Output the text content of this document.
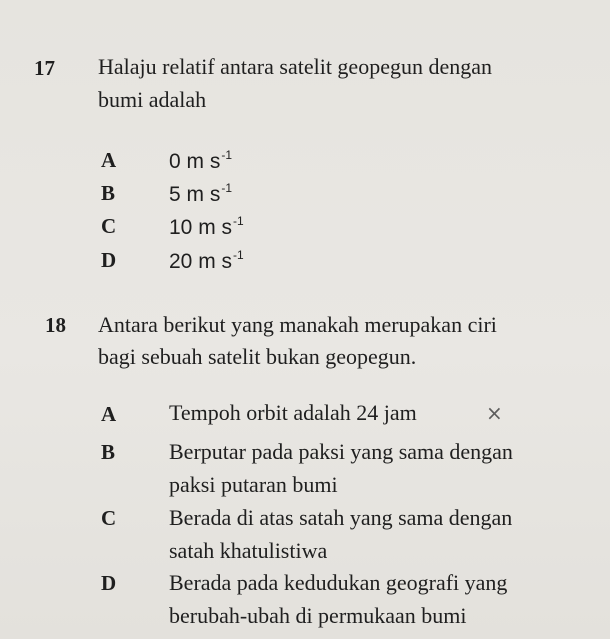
17 Halaju relatif antara satelit geopegun dengan
bumi adalah
A	0 m $s^{-1}$
B	5 m $s^{-1}$
C	10 m $s^{-1}$
D	20 m $s^{-1}$
18 Antara berikut yang manakah merupakan ciri
bagi sebuah satelit bukan geopegun.
A Tempoh orbit adalah 24 jam
B Berputar pada paksi yang sama dengan
paksi putaran bumi
C Berada di atas satah yang sama dengan
satah khatulistiwa
D Berada pada kedudukan geografi yang
berubah-ubah di permukaan bumi
×
